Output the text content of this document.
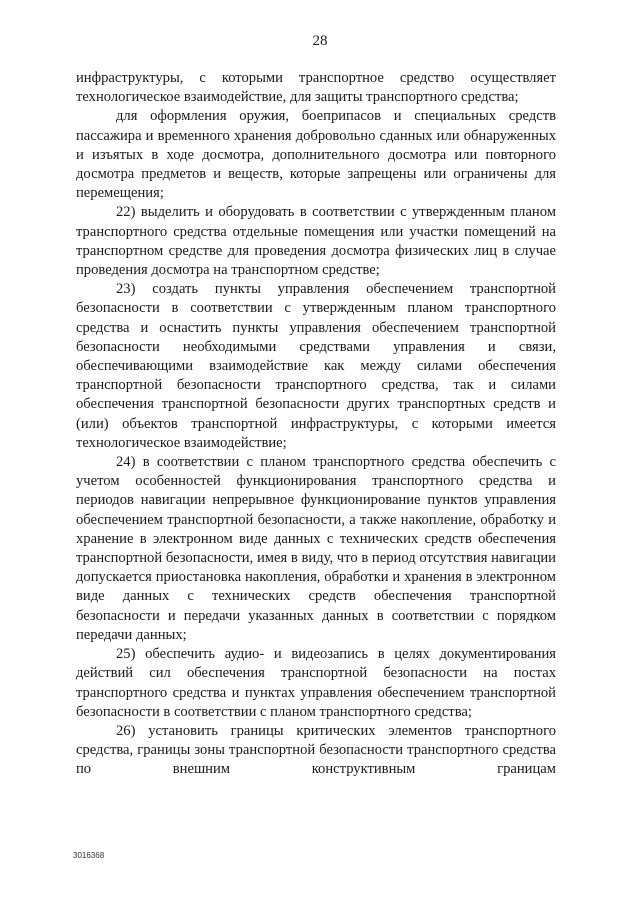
28

инфраструктуры, с которыми транспортное средство осуществляет технологическое взаимодействие, для защиты транспортного средства;

для оформления оружия, боеприпасов и специальных средств пассажира и временного хранения добровольно сданных или обнаруженных и изъятых в ходе досмотра, дополнительного досмотра или повторного досмотра предметов и веществ, которые запрещены или ограничены для перемещения;

22) выделить и оборудовать в соответствии с утвержденным планом транспортного средства отдельные помещения или участки помещений на транспортном средстве для проведения досмотра физических лиц в случае проведения досмотра на транспортном средстве;

23) создать пункты управления обеспечением транспортной безопасности в соответствии с утвержденным планом транспортного средства и оснастить пункты управления обеспечением транспортной безопасности необходимыми средствами управления и связи, обеспечивающими взаимодействие как между силами обеспечения транспортной безопасности транспортного средства, так и силами обеспечения транспортной безопасности других транспортных средств и (или) объектов транспортной инфраструктуры, с которыми имеется технологическое взаимодействие;

24) в соответствии с планом транспортного средства обеспечить с учетом особенностей функционирования транспортного средства и периодов навигации непрерывное функционирование пунктов управления обеспечением транспортной безопасности, а также накопление, обработку и хранение в электронном виде данных с технических средств обеспечения транспортной безопасности, имея в виду, что в период отсутствия навигации допускается приостановка накопления, обработки и хранения в электронном виде данных с технических средств обеспечения транспортной безопасности и передачи указанных данных в соответствии с порядком передачи данных;

25) обеспечить аудио- и видеозапись в целях документирования действий сил обеспечения транспортной безопасности на постах транспортного средства и пунктах управления обеспечением транспортной безопасности в соответствии с планом транспортного средства;

26) установить границы критических элементов транспортного средства, границы зоны транспортной безопасности транспортного средства по внешним конструктивным границам

3016368
